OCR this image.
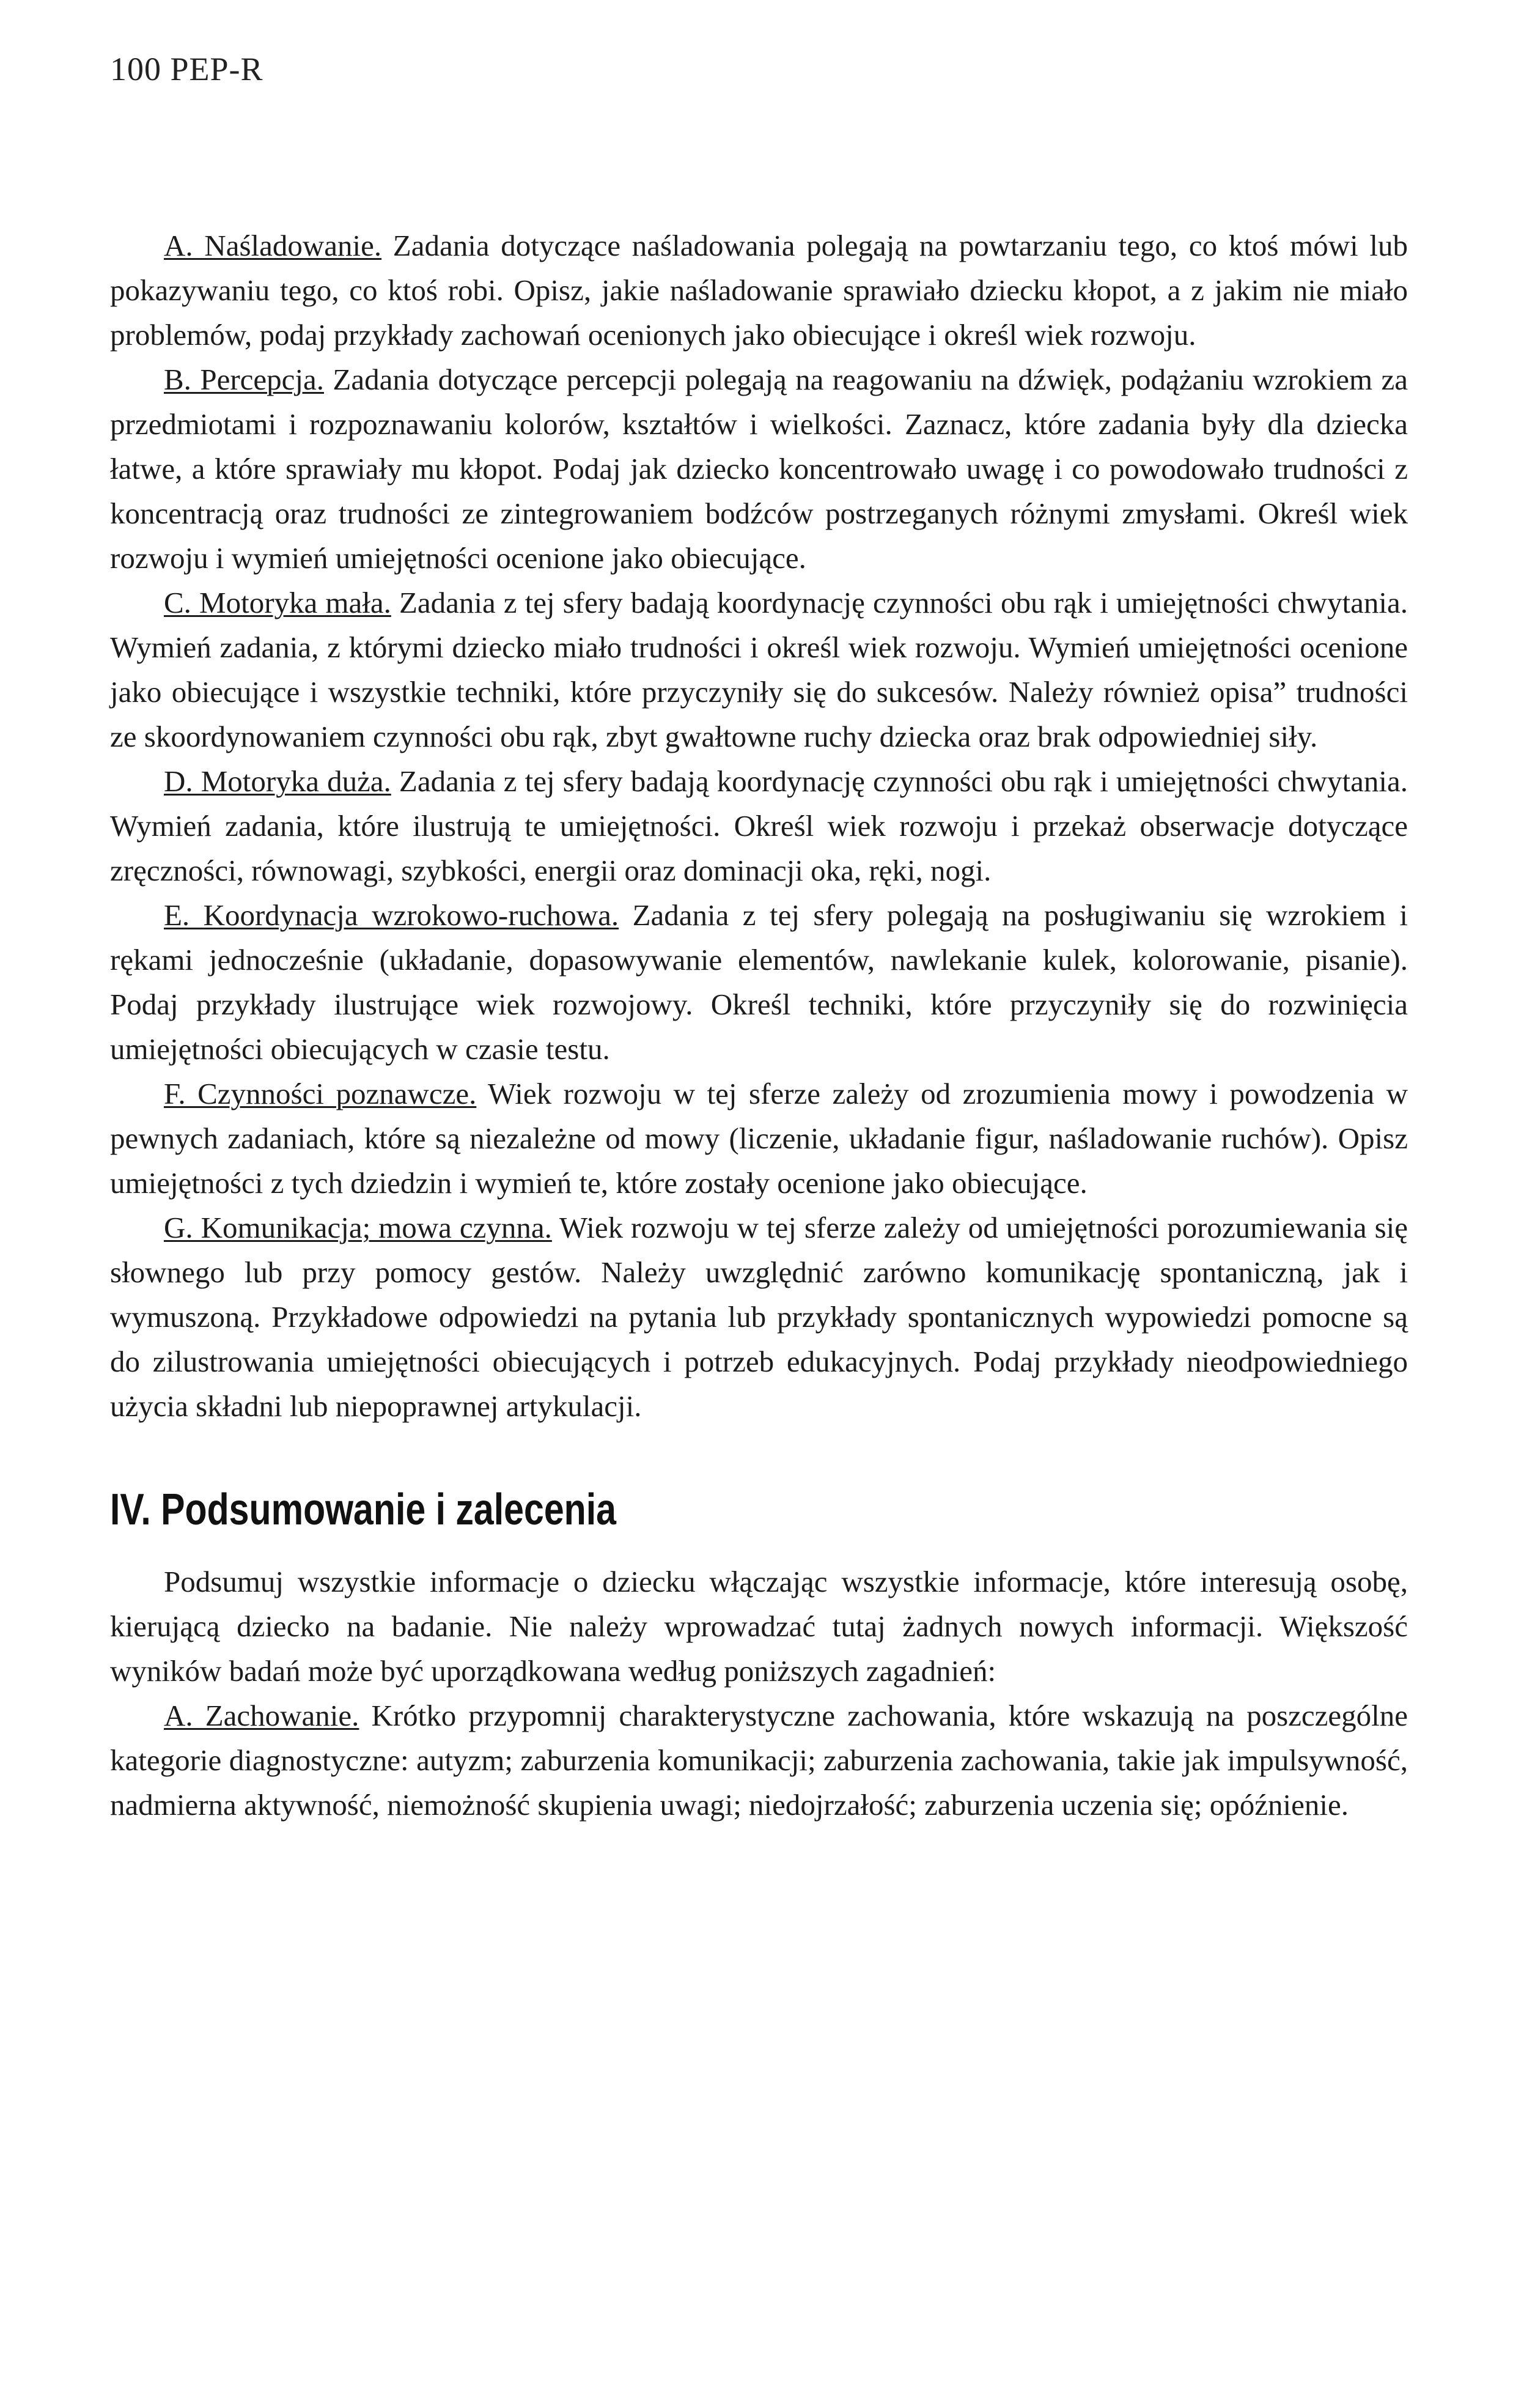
100 PEP-R

A. Naśladowanie. Zadania dotyczące naśladowania polegają na powtarzaniu tego, co ktoś mówi lub pokazywaniu tego, co ktoś robi. Opisz, jakie naśladowanie sprawiało dziecku kłopot, a z jakim nie miało problemów, podaj przykłady zachowań ocenionych jako obiecujące i określ wiek rozwoju.

B. Percepcja. Zadania dotyczące percepcji polegają na reagowaniu na dźwięk, podążaniu wzrokiem za przedmiotami i rozpoznawaniu kolorów, kształtów i wielkości. Zaznacz, które zadania były dla dziecka łatwe, a które sprawiały mu kłopot. Podaj jak dziecko koncentrowało uwagę i co powodowało trudności z koncentracją oraz trudności ze zintegrowaniem bodźców postrzeganych różnymi zmysłami. Określ wiek rozwoju i wymień umiejętności ocenione jako obiecujące.

C. Motoryka mała. Zadania z tej sfery badają koordynację czynności obu rąk i umiejętności chwytania. Wymień zadania, z którymi dziecko miało trudności i określ wiek rozwoju. Wymień umiejętności ocenione jako obiecujące i wszystkie techniki, które przyczyniły się do sukcesów. Należy również opisa” trudności ze skoordynowaniem czynności obu rąk, zbyt gwałtowne ruchy dziecka oraz brak odpowiedniej siły.

D. Motoryka duża. Zadania z tej sfery badają koordynację czynności obu rąk i umiejętności chwytania. Wymień zadania, które ilustrują te umiejętności. Określ wiek rozwoju i przekaż obserwacje dotyczące zręczności, równowagi, szybkości, energii oraz dominacji oka, ręki, nogi.

E. Koordynacja wzrokowo-ruchowa. Zadania z tej sfery polegają na posługiwaniu się wzrokiem i rękami jednocześnie (układanie, dopasowywanie elementów, nawlekanie kulek, kolorowanie, pisanie). Podaj przykłady ilustrujące wiek rozwojowy. Określ techniki, które przyczyniły się do rozwinięcia umiejętności obiecujących w czasie testu.

F. Czynności poznawcze. Wiek rozwoju w tej sferze zależy od zrozumienia mowy i powodzenia w pewnych zadaniach, które są niezależne od mowy (liczenie, układanie figur, naśladowanie ruchów). Opisz umiejętności z tych dziedzin i wymień te, które zostały ocenione jako obiecujące.

G. Komunikacja; mowa czynna. Wiek rozwoju w tej sferze zależy od umiejętności porozumiewania się słownego lub przy pomocy gestów. Należy uwzględnić zarówno komunikację spontaniczną, jak i wymuszoną. Przykładowe odpowiedzi na pytania lub przykłady spontanicznych wypowiedzi pomocne są do zilustrowania umiejętności obiecujących i potrzeb edukacyjnych. Podaj przykłady nieodpowiedniego użycia składni lub niepoprawnej artykulacji.

IV. Podsumowanie i zalecenia

Podsumuj wszystkie informacje o dziecku włączając wszystkie informacje, które interesują osobę, kierującą dziecko na badanie. Nie należy wprowadzać tutaj żadnych nowych informacji. Większość wyników badań może być uporządkowana według poniższych zagadnień:

A. Zachowanie. Krótko przypomnij charakterystyczne zachowania, które wskazują na poszczególne kategorie diagnostyczne: autyzm; zaburzenia komunikacji; zaburzenia zachowania, takie jak impulsywność, nadmierna aktywność, niemożność skupienia uwagi; niedojrzałość; zaburzenia uczenia się; opóźnienie.
